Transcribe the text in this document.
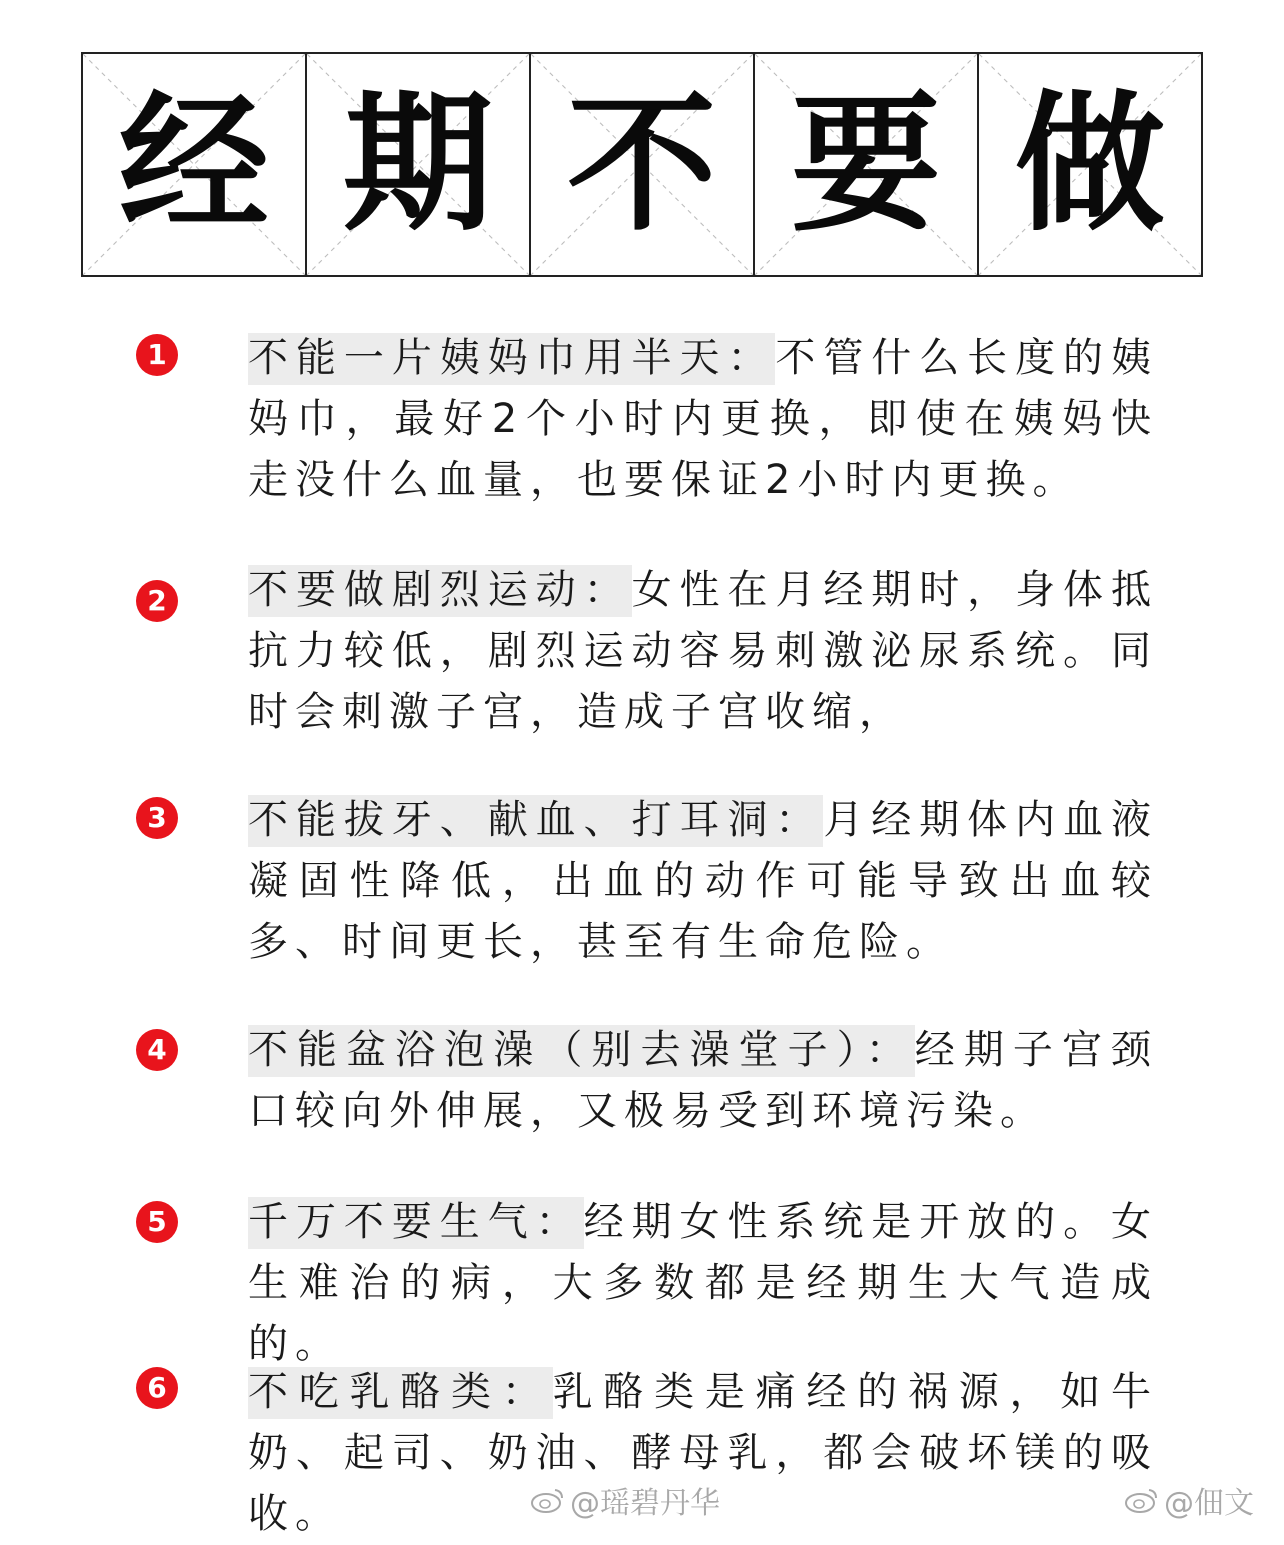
经 期 不 要 做
1 不能一片姨妈巾用半天：不管什么长度的姨妈巾，最好2个小时内更换，即使在姨妈快走没什么血量，也要保证2小时内更换。
2 不要做剧烈运动：女性在月经期时，身体抵抗力较低，剧烈运动容易刺激泌尿系统。同时会刺激子宫，造成子宫收缩，
3 不能拔牙、献血、打耳洞：月经期体内血液凝固性降低，出血的动作可能导致出血较多、时间更长，甚至有生命危险。
4 不能盆浴泡澡（别去澡堂子）：经期子宫颈口较向外伸展，又极易受到环境污染。
5 千万不要生气：经期女性系统是开放的。女生难治的病，大多数都是经期生大气造成的。
6 不吃乳酪类：乳酪类是痛经的祸源，如牛奶、起司、奶油、酵母乳，都会破坏镁的吸收。	@瑶碧丹华	@佃文
